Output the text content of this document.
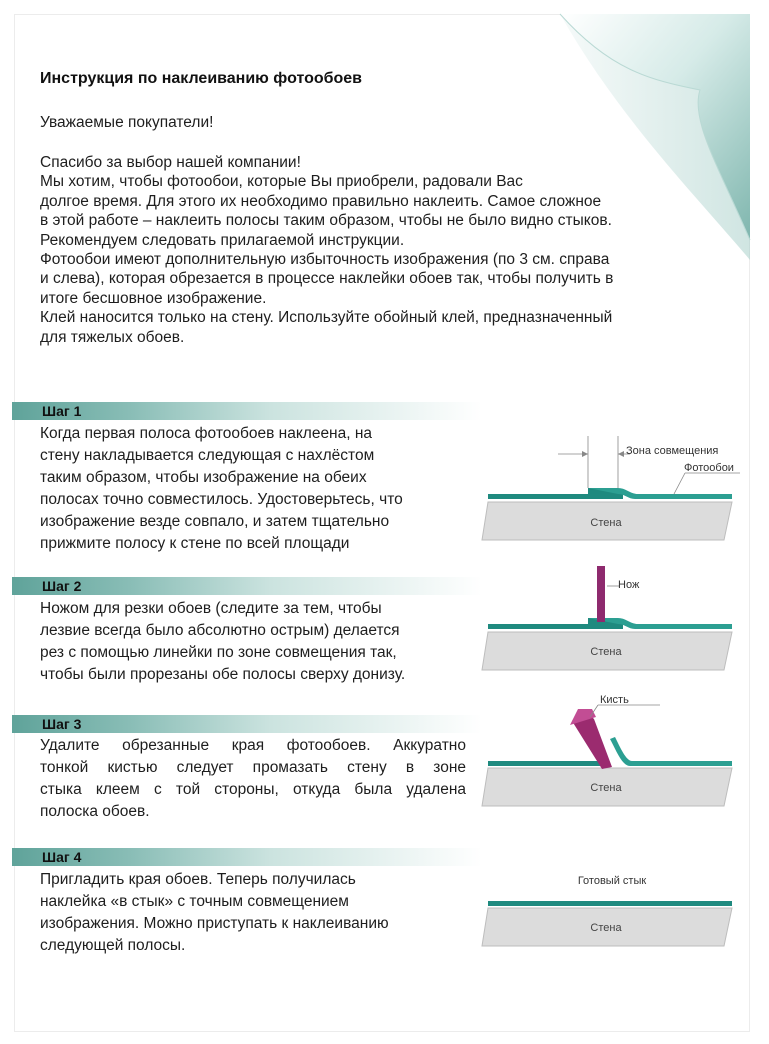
Инструкция по наклеиванию фотообоев
Уважаемые покупатели!
Спасибо за выбор нашей компании!
Мы хотим, чтобы фотообои, которые Вы приобрели, радовали Вас
долгое время. Для этого их необходимо правильно наклеить. Самое сложное
в этой работе – наклеить полосы таким образом, чтобы не было видно стыков.
Рекомендуем следовать прилагаемой инструкции.
Фотообои имеют дополнительную избыточность изображения (по 3 см. справа
и слева), которая обрезается в процессе наклейки обоев так, чтобы получить в
итоге бесшовное изображение.
Клей наносится только на стену. Используйте обойный клей, предназначенный
для тяжелых обоев.
Шаг 1
Когда первая полоса фотообоев наклеена, на
стену накладывается следующая с нахлёстом
таким образом, чтобы изображение на обеих
полосах точно совместилось. Удостоверьтесь, что
изображение везде совпало, и затем тщательно
прижмите полосу к стене по всей площади
Стена
Зона совмещения
Фотообои
Шаг 2
Ножом для резки обоев (следите за тем, чтобы
лезвие всегда было абсолютно острым) делается
рез с помощью линейки по зоне совмещения так,
чтобы были прорезаны обе полосы сверху донизу.
Стена
Нож
Шаг 3
Удалите обрезанные края фотообоев. Аккуратно
тонкой кистью следует промазать стену в зоне
стыка клеем с той стороны, откуда была удалена
полоска обоев.
Стена
Кисть
Шаг 4
Пригладить края обоев. Теперь получилась
наклейка «в стык» с точным совмещением
изображения. Можно приступать к наклеиванию
следующей полосы.
Готовый стык
Стена
